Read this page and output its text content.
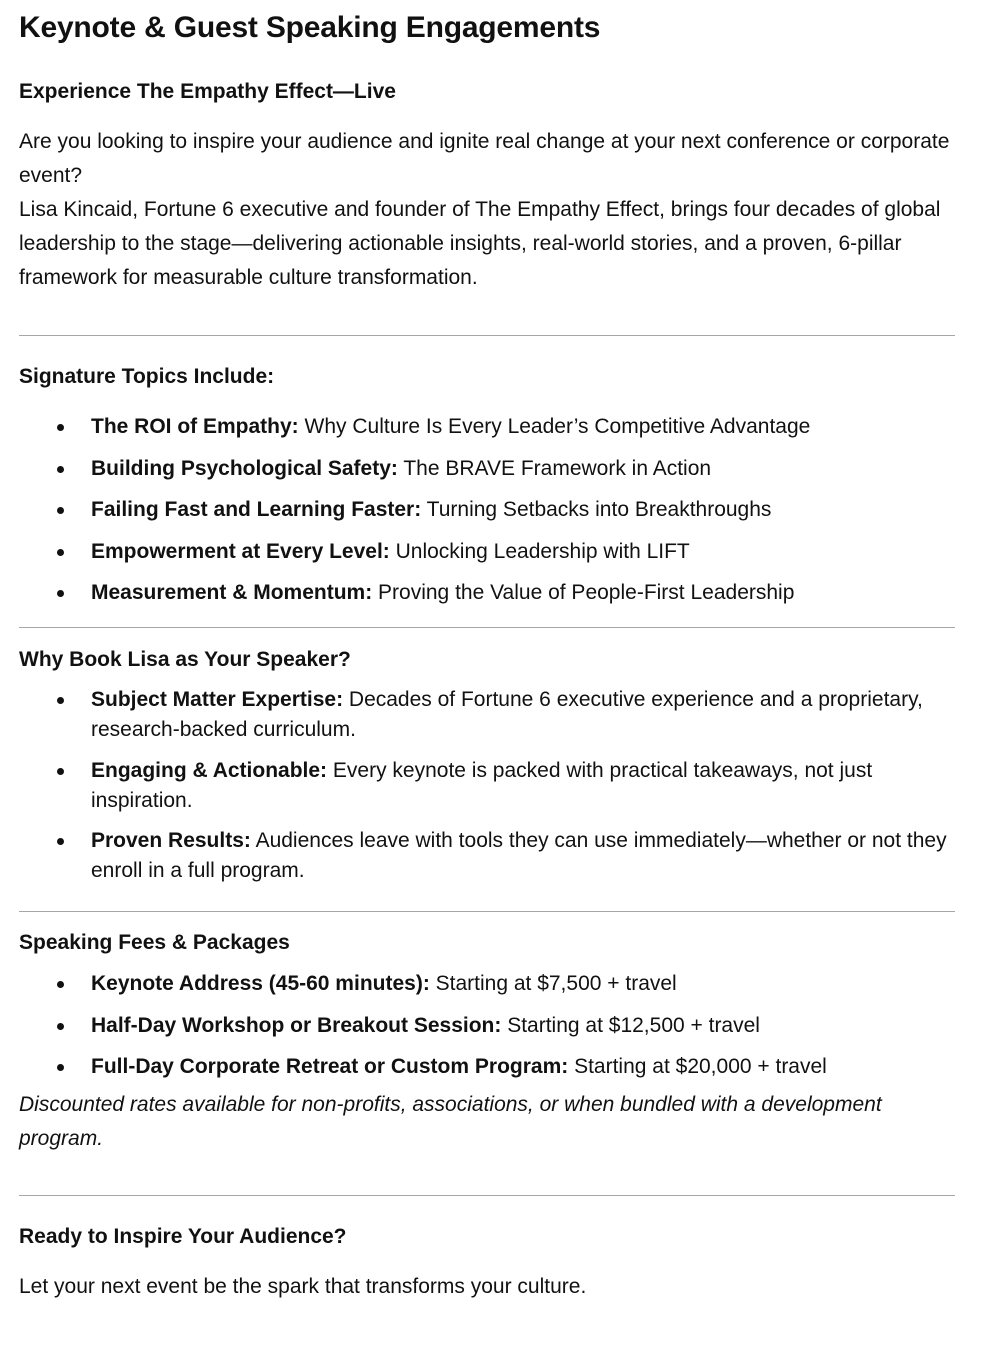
Keynote & Guest Speaking Engagements
Experience The Empathy Effect—Live

Are you looking to inspire your audience and ignite real change at your next conference or corporate event?

Lisa Kincaid, Fortune 6 executive and founder of The Empathy Effect, brings four decades of global leadership to the stage—delivering actionable insights, real-world stories, and a proven, 6-pillar framework for measurable culture transformation.

Signature Topics Include:
The ROI of Empathy: Why Culture Is Every Leader’s Competitive Advantage
Building Psychological Safety: The BRAVE Framework in Action
Failing Fast and Learning Faster: Turning Setbacks into Breakthroughs
Empowerment at Every Level: Unlocking Leadership with LIFT
Measurement & Momentum: Proving the Value of People-First Leadership
Why Book Lisa as Your Speaker?
Subject Matter Expertise: Decades of Fortune 6 executive experience and a proprietary, research-backed curriculum.
Engaging & Actionable: Every keynote is packed with practical takeaways, not just inspiration.
Proven Results: Audiences leave with tools they can use immediately—whether or not they enroll in a full program.
Speaking Fees & Packages
Keynote Address (45-60 minutes): Starting at $7,500 + travel
Half-Day Workshop or Breakout Session: Starting at $12,500 + travel
Full-Day Corporate Retreat or Custom Program: Starting at $20,000 + travel

Discounted rates available for non-profits, associations, or when bundled with a development program.

Ready to Inspire Your Audience?

Let your next event be the spark that transforms your culture.
